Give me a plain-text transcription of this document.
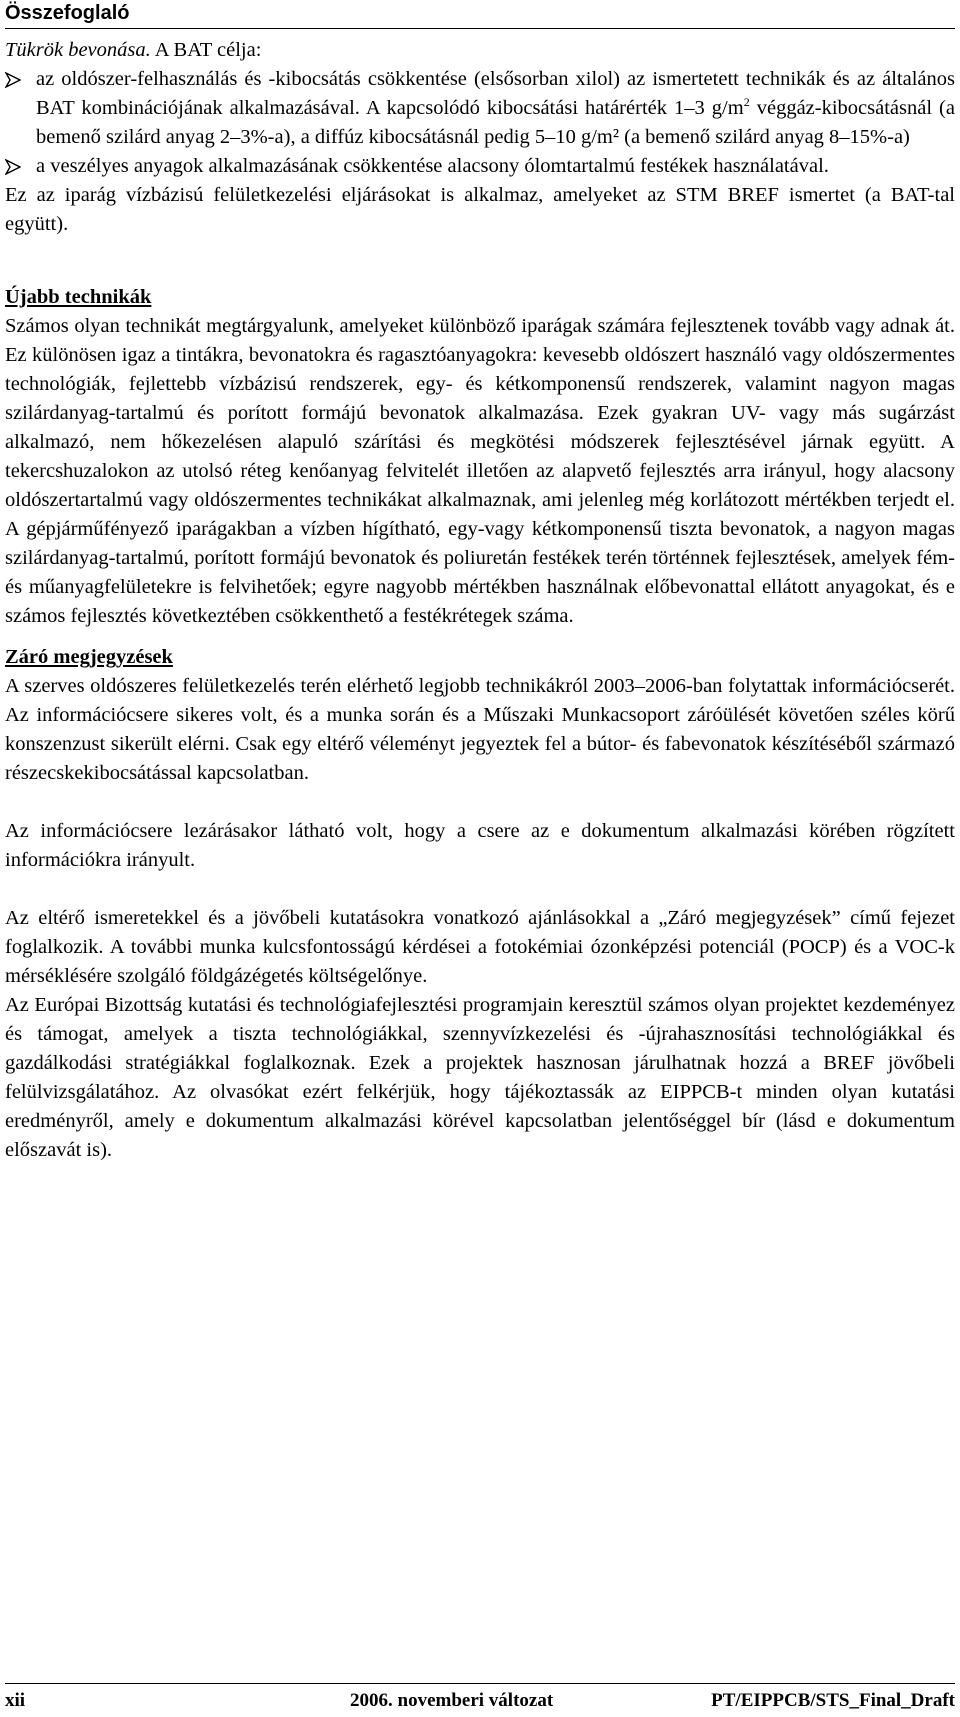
Összefoglaló

Tükrök bevonása. A BAT célja:

az oldószer-felhasználás és -kibocsátás csökkentése (elsősorban xilol) az ismertetett technikák és az általános BAT kombinációjának alkalmazásával. A kapcsolódó kibocsátási határérték 1–3 $g/m^2$ véggáz-kibocsátásnál (a bemenő szilárd anyag 2–3%-a), a diffúz kibocsátásnál pedig 5–10 g/m² (a bemenő szilárd anyag 8–15%-a)
a veszélyes anyagok alkalmazásának csökkentése alacsony ólomtartalmú festékek használatával.

Ez az iparág vízbázisú felületkezelési eljárásokat is alkalmaz, amelyeket az STM BREF ismertet (a BAT-tal együtt).

Újabb technikák

Számos olyan technikát megtárgyalunk, amelyeket különböző iparágak számára fejlesztenek tovább vagy adnak át. Ez különösen igaz a tintákra, bevonatokra és ragasztóanyagokra: kevesebb oldószert használó vagy oldószermentes technológiák, fejlettebb vízbázisú rendszerek, egy- és kétkomponensű rendszerek, valamint nagyon magas szilárdanyag-tartalmú és porított formájú bevonatok alkalmazása. Ezek gyakran UV- vagy más sugárzást alkalmazó, nem hőkezelésen alapuló szárítási és megkötési módszerek fejlesztésével járnak együtt. A tekercshuzalokon az utolsó réteg kenőanyag felvitelét illetően az alapvető fejlesztés arra irányul, hogy alacsony oldószertartalmú vagy oldószermentes technikákat alkalmaznak, ami jelenleg még korlátozott mértékben terjedt el. A gépjárműfényező iparágakban a vízben hígítható, egy-vagy kétkomponensű tiszta bevonatok, a nagyon magas szilárdanyag-tartalmú, porított formájú bevonatok és poliuretán festékek terén történnek fejlesztések, amelyek fém- és műanyagfelületekre is felvihetőek; egyre nagyobb mértékben használnak előbevonattal ellátott anyagokat, és e számos fejlesztés következtében csökkenthető a festékrétegek száma.

Záró megjegyzések

A szerves oldószeres felületkezelés terén elérhető legjobb technikákról 2003–2006-ban folytattak információcserét. Az információcsere sikeres volt, és a munka során és a Műszaki Munkacsoport záróülését követően széles körű konszenzust sikerült elérni. Csak egy eltérő véleményt jegyeztek fel a bútor- és fabevonatok készítéséből származó részecskekibocsátással kapcsolatban.

Az információcsere lezárásakor látható volt, hogy a csere az e dokumentum alkalmazási körében rögzített információkra irányult.

Az eltérő ismeretekkel és a jövőbeli kutatásokra vonatkozó ajánlásokkal a „Záró megjegyzések” című fejezet foglalkozik. A további munka kulcsfontosságú kérdései a fotokémiai ózonképzési potenciál (POCP) és a VOC-k mérséklésére szolgáló földgázégetés költségelőnye.

Az Európai Bizottság kutatási és technológiafejlesztési programjain keresztül számos olyan projektet kezdeményez és támogat, amelyek a tiszta technológiákkal, szennyvízkezelési és -újrahasznosítási technológiákkal és gazdálkodási stratégiákkal foglalkoznak. Ezek a projektek hasznosan járulhatnak hozzá a BREF jövőbeli felülvizsgálatához. Az olvasókat ezért felkérjük, hogy tájékoztassák az EIPPCB-t minden olyan kutatási eredményről, amely e dokumentum alkalmazási körével kapcsolatban jelentőséggel bír (lásd e dokumentum előszavát is).

xii	2006. novemberi változat	PT/EIPPCB/STS_Final_Draft
